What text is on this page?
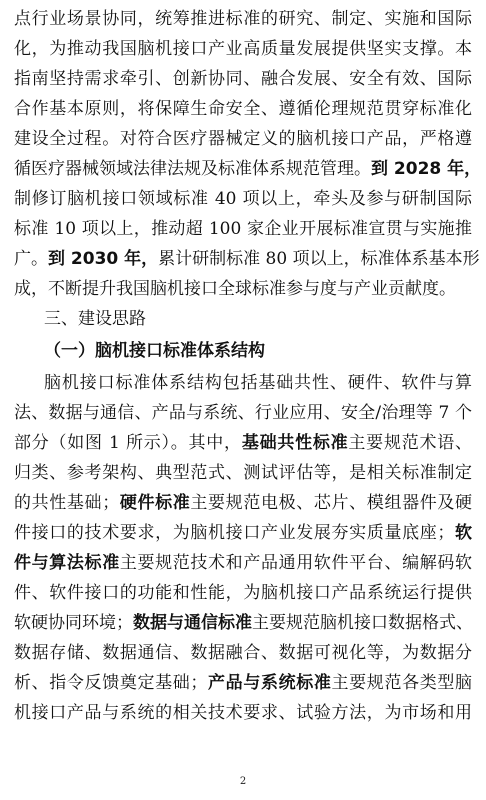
点行业场景协同，统筹推进标准的研究、制定、实施和国际
化，为推动我国脑机接口产业高质量发展提供坚实支撑。本
指南坚持需求牵引、创新协同、融合发展、安全有效、国际
合作基本原则，将保障生命安全、遵循伦理规范贯穿标准化
建设全过程。对符合医疗器械定义的脑机接口产品，严格遵
循医疗器械领域法律法规及标准体系规范管理。到 2028 年，
制修订脑机接口领域标准 40 项以上，牵头及参与研制国际
标准 10 项以上，推动超 100 家企业开展标准宣贯与实施推
广。到 2030 年，累计研制标准 80 项以上，标准体系基本形
成，不断提升我国脑机接口全球标准参与度与产业贡献度。
三、建设思路
（一）脑机接口标准体系结构
脑机接口标准体系结构包括基础共性、硬件、软件与算
法、数据与通信、产品与系统、行业应用、安全/治理等 7 个
部分（如图 1 所示）。其中，基础共性标准主要规范术语、
归类、参考架构、典型范式、测试评估等，是相关标准制定
的共性基础；硬件标准主要规范电极、芯片、模组器件及硬
件接口的技术要求，为脑机接口产业发展夯实质量底座；软
件与算法标准主要规范技术和产品通用软件平台、编解码软
件、软件接口的功能和性能，为脑机接口产品系统运行提供
软硬协同环境；数据与通信标准主要规范脑机接口数据格式、
数据存储、数据通信、数据融合、数据可视化等，为数据分
析、指令反馈奠定基础；产品与系统标准主要规范各类型脑
机接口产品与系统的相关技术要求、试验方法，为市场和用
2
